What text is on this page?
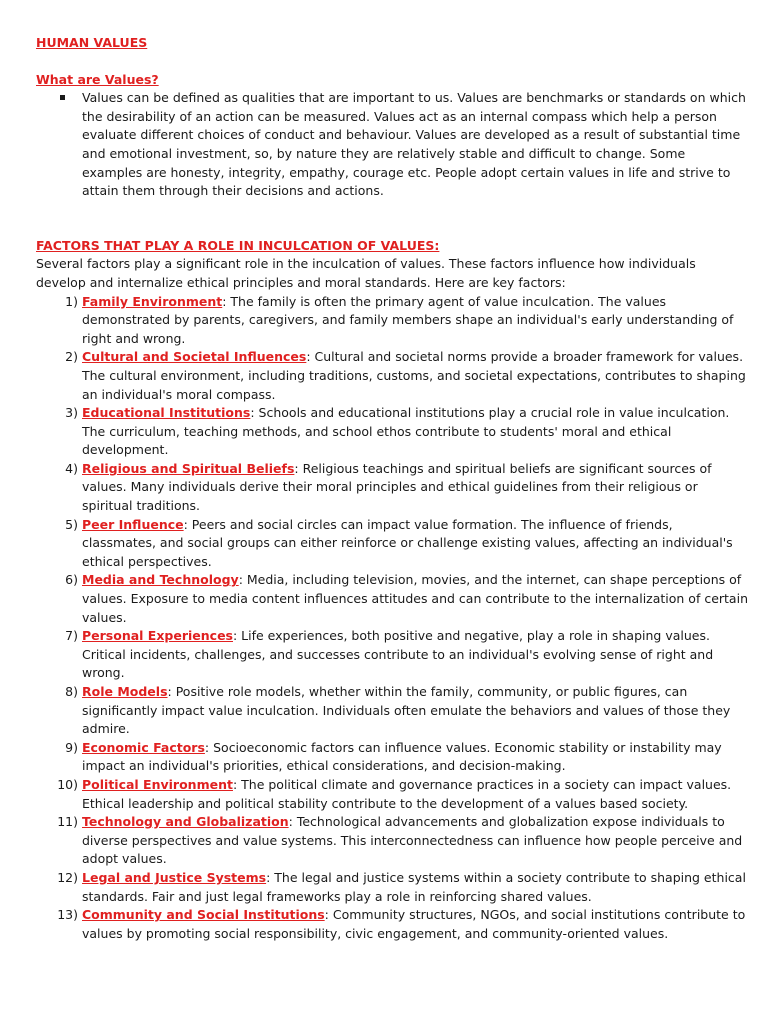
HUMAN VALUES
What are Values?
Values can be defined as qualities that are important to us. Values are benchmarks or standards on which the desirability of an action can be measured. Values act as an internal compass which help a person evaluate different choices of conduct and behaviour. Values are developed as a result of substantial time and emotional investment, so, by nature they are relatively stable and difficult to change. Some examples are honesty, integrity, empathy, courage etc. People adopt certain values in life and strive to attain them through their decisions and actions.
FACTORS THAT PLAY A ROLE IN INCULCATION OF VALUES:

Several factors play a significant role in the inculcation of values. These factors influence how individuals develop and internalize ethical principles and moral standards. Here are key factors:

1) Family Environment: The family is often the primary agent of value inculcation. The values demonstrated by parents, caregivers, and family members shape an individual's early understanding of right and wrong.
2) Cultural and Societal Influences: Cultural and societal norms provide a broader framework for values. The cultural environment, including traditions, customs, and societal expectations, contributes to shaping an individual's moral compass.
3) Educational Institutions: Schools and educational institutions play a crucial role in value inculcation. The curriculum, teaching methods, and school ethos contribute to students' moral and ethical development.
4) Religious and Spiritual Beliefs: Religious teachings and spiritual beliefs are significant sources of values. Many individuals derive their moral principles and ethical guidelines from their religious or spiritual traditions.
5) Peer Influence: Peers and social circles can impact value formation. The influence of friends, classmates, and social groups can either reinforce or challenge existing values, affecting an individual's ethical perspectives.
6) Media and Technology: Media, including television, movies, and the internet, can shape perceptions of values. Exposure to media content influences attitudes and can contribute to the internalization of certain values.
7) Personal Experiences: Life experiences, both positive and negative, play a role in shaping values. Critical incidents, challenges, and successes contribute to an individual's evolving sense of right and wrong.
8) Role Models: Positive role models, whether within the family, community, or public figures, can significantly impact value inculcation. Individuals often emulate the behaviors and values of those they admire.
9) Economic Factors: Socioeconomic factors can influence values. Economic stability or instability may impact an individual's priorities, ethical considerations, and decision-making.
10) Political Environment: The political climate and governance practices in a society can impact values. Ethical leadership and political stability contribute to the development of a values based society.
11) Technology and Globalization: Technological advancements and globalization expose individuals to diverse perspectives and value systems. This interconnectedness can influence how people perceive and adopt values.
12) Legal and Justice Systems: The legal and justice systems within a society contribute to shaping ethical standards. Fair and just legal frameworks play a role in reinforcing shared values.
13) Community and Social Institutions: Community structures, NGOs, and social institutions contribute to values by promoting social responsibility, civic engagement, and community-oriented values.
